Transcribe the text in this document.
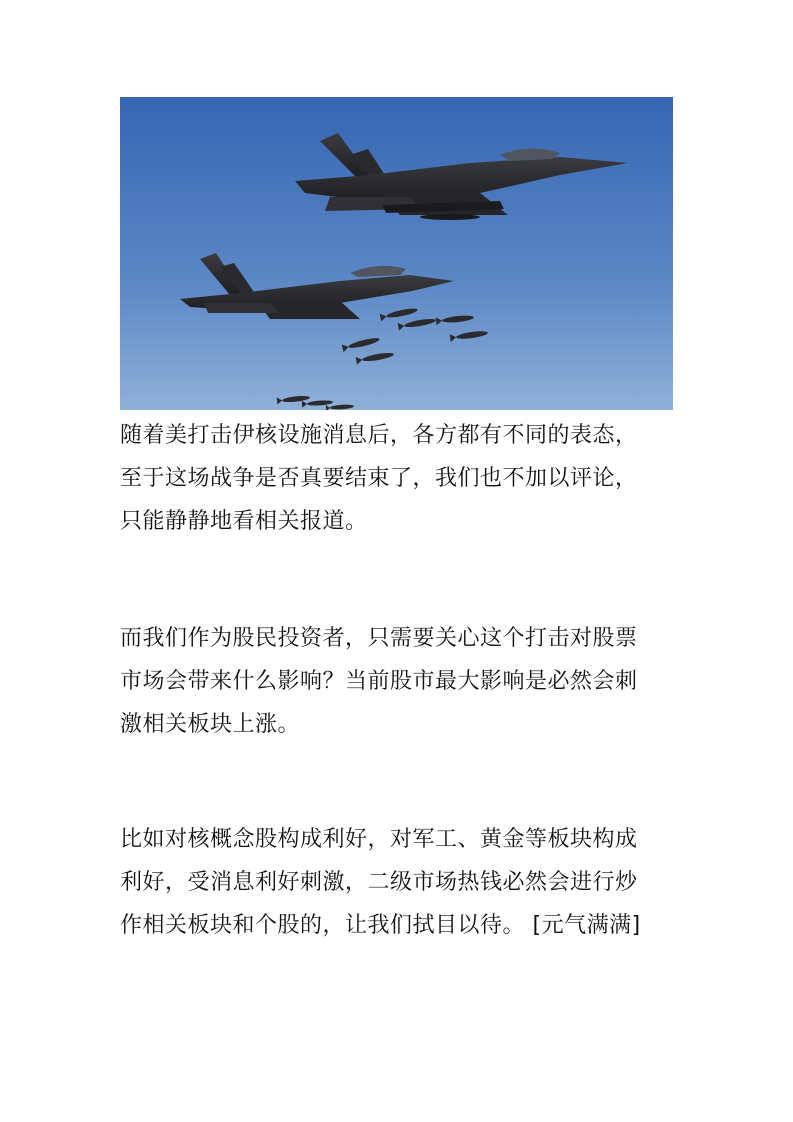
随着美打击伊核设施消息后，各方都有不同的表态，
至于这场战争是否真要结束了，我们也不加以评论，
只能静静地看相关报道。
而我们作为股民投资者，只需要关心这个打击对股票
市场会带来什么影响？当前股市最大影响是必然会刺
激相关板块上涨。
比如对核概念股构成利好，对军工、黄金等板块构成
利好，受消息利好刺激，二级市场热钱必然会进行炒
作相关板块和个股的，让我们拭目以待。 [元气满满]
